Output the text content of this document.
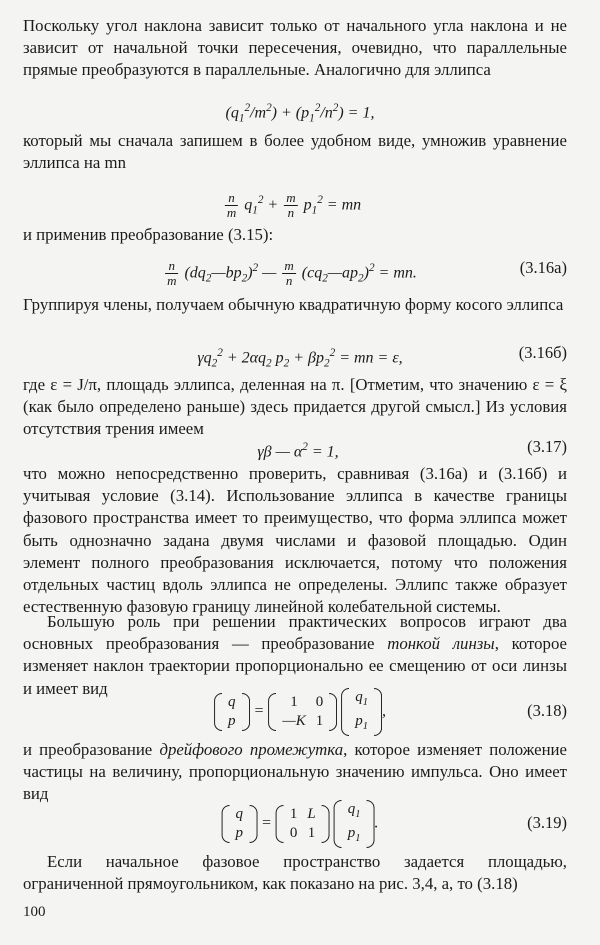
Поскольку угол наклона зависит только от начального угла наклона и не зависит от начальной точки пересечения, очевидно, что параллельные прямые преобразуются в параллельные. Аналогично для эллипса

$(q_1^2/m^2) + (p_1^2/n^2) = 1$,

который мы сначала запишем в более удобном виде, умножив уравнение эллипса на mn

$\frac{n}{m} q_1^2 + \frac{m}{n} p_1^2$ = mn

и применив преобразование (3.15):

$\frac{n}{m}$ $(dq_2—bp_2)^2$ — $\frac{m}{n}$ $(cq_2—ap_2)^2$ = mn.	(3.16а)

Группируя члены, получаем обычную квадратичную форму косого эллипса

$\gamma q_2^2 + 2\alpha q_2$ $p_2 + \beta p_2^2$ = mn = ε,	(3.16б)

где ε = J/π, площадь эллипса, деленная на π. [Отметим, что значению ε = ξ (как было определено раньше) здесь придается другой смысл.] Из условия отсутствия трения имеем

γβ — $\alpha^2 = 1$,	(3.17)

что можно непосредственно проверить, сравнивая (3.16а) и (3.16б) и учитывая условие (3.14). Использование эллипса в качестве границы фазового пространства имеет то преимущество, что форма эллипса может быть однозначно задана двумя числами и фазовой площадью. Один элемент полного преобразования исключается, потому что положения отдельных частиц вдоль эллипса не определены. Эллипс также образует естественную фазовую границу линейной колебательной системы.

Большую роль при решении практических вопросов играют два основных преобразования — преобразование тонкой линзы, которое изменяет наклон траектории пропорционально ее смещению от оси линзы и имеет вид

q
p
=
1	0
—K	1

$q_1$
$p_1$
,	(3.18)

и преобразование дрейфового промежутка, которое изменяет положение частицы на величину, пропорциональную значению импульса. Оно имеет вид

q
p
=
1	L
0	1

$q_1$
$p_1$
.	(3.19)

Если начальное фазовое пространство задается площадью, ограниченной прямоугольником, как показано на рис. 3,4, а, то (3.18)

100
